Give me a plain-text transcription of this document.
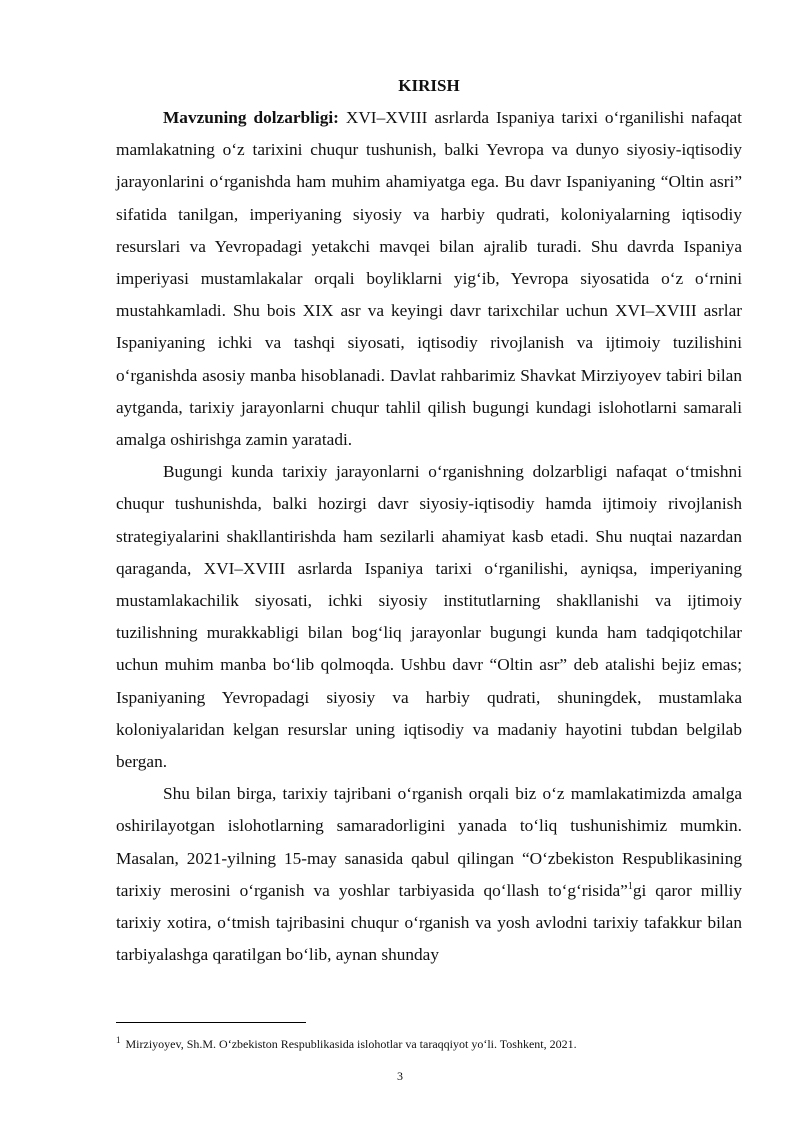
KIRISH

Mavzuning dolzarbligi: XVI–XVIII asrlarda Ispaniya tarixi o‘rganilishi nafaqat mamlakatning o‘z tarixini chuqur tushunish, balki Yevropa va dunyo siyosiy-iqtisodiy jarayonlarini o‘rganishda ham muhim ahamiyatga ega. Bu davr Ispaniyaning “Oltin asri” sifatida tanilgan, imperiyaning siyosiy va harbiy qudrati, koloniyalarning iqtisodiy resurslari va Yevropadagi yetakchi mavqei bilan ajralib turadi. Shu davrda Ispaniya imperiyasi mustamlakalar orqali boyliklarni yig‘ib, Yevropa siyosatida o‘z o‘rnini mustahkamladi. Shu bois XIX asr va keyingi davr tarixchilar uchun XVI–XVIII asrlar Ispaniyaning ichki va tashqi siyosati, iqtisodiy rivojlanish va ijtimoiy tuzilishini o‘rganishda asosiy manba hisoblanadi. Davlat rahbarimiz Shavkat Mirziyoyev tabiri bilan aytganda, tarixiy jarayonlarni chuqur tahlil qilish bugungi kundagi islohotlarni samarali amalga oshirishga zamin yaratadi.

Bugungi kunda tarixiy jarayonlarni o‘rganishning dolzarbligi nafaqat o‘tmishni chuqur tushunishda, balki hozirgi davr siyosiy-iqtisodiy hamda ijtimoiy rivojlanish strategiyalarini shakllantirishda ham sezilarli ahamiyat kasb etadi. Shu nuqtai nazardan qaraganda, XVI–XVIII asrlarda Ispaniya tarixi o‘rganilishi, ayniqsa, imperiyaning mustamlakachilik siyosati, ichki siyosiy institutlarning shakllanishi va ijtimoiy tuzilishning murakkabligi bilan bog‘liq jarayonlar bugungi kunda ham tadqiqotchilar uchun muhim manba bo‘lib qolmoqda. Ushbu davr “Oltin asr” deb atalishi bejiz emas; Ispaniyaning Yevropadagi siyosiy va harbiy qudrati, shuningdek, mustamlaka koloniyalaridan kelgan resurslar uning iqtisodiy va madaniy hayotini tubdan belgilab bergan.

Shu bilan birga, tarixiy tajribani o‘rganish orqali biz o‘z mamlakatimizda amalga oshirilayotgan islohotlarning samaradorligini yanada to‘liq tushunishimiz mumkin. Masalan, 2021-yilning 15-may sanasida qabul qilingan “O‘zbekiston Respublikasining tarixiy merosini o‘rganish va yoshlar tarbiyasida qo‘llash to‘g‘risida”$^1$gi qaror milliy tarixiy xotira, o‘tmish tajribasini chuqur o‘rganish va yosh avlodni tarixiy tafakkur bilan tarbiyalashga qaratilgan bo‘lib, aynan shunday

$^1$ Mirziyoyev, Sh.M. O‘zbekiston Respublikasida islohotlar va taraqqiyot yo‘li. Toshkent, 2021.
3
